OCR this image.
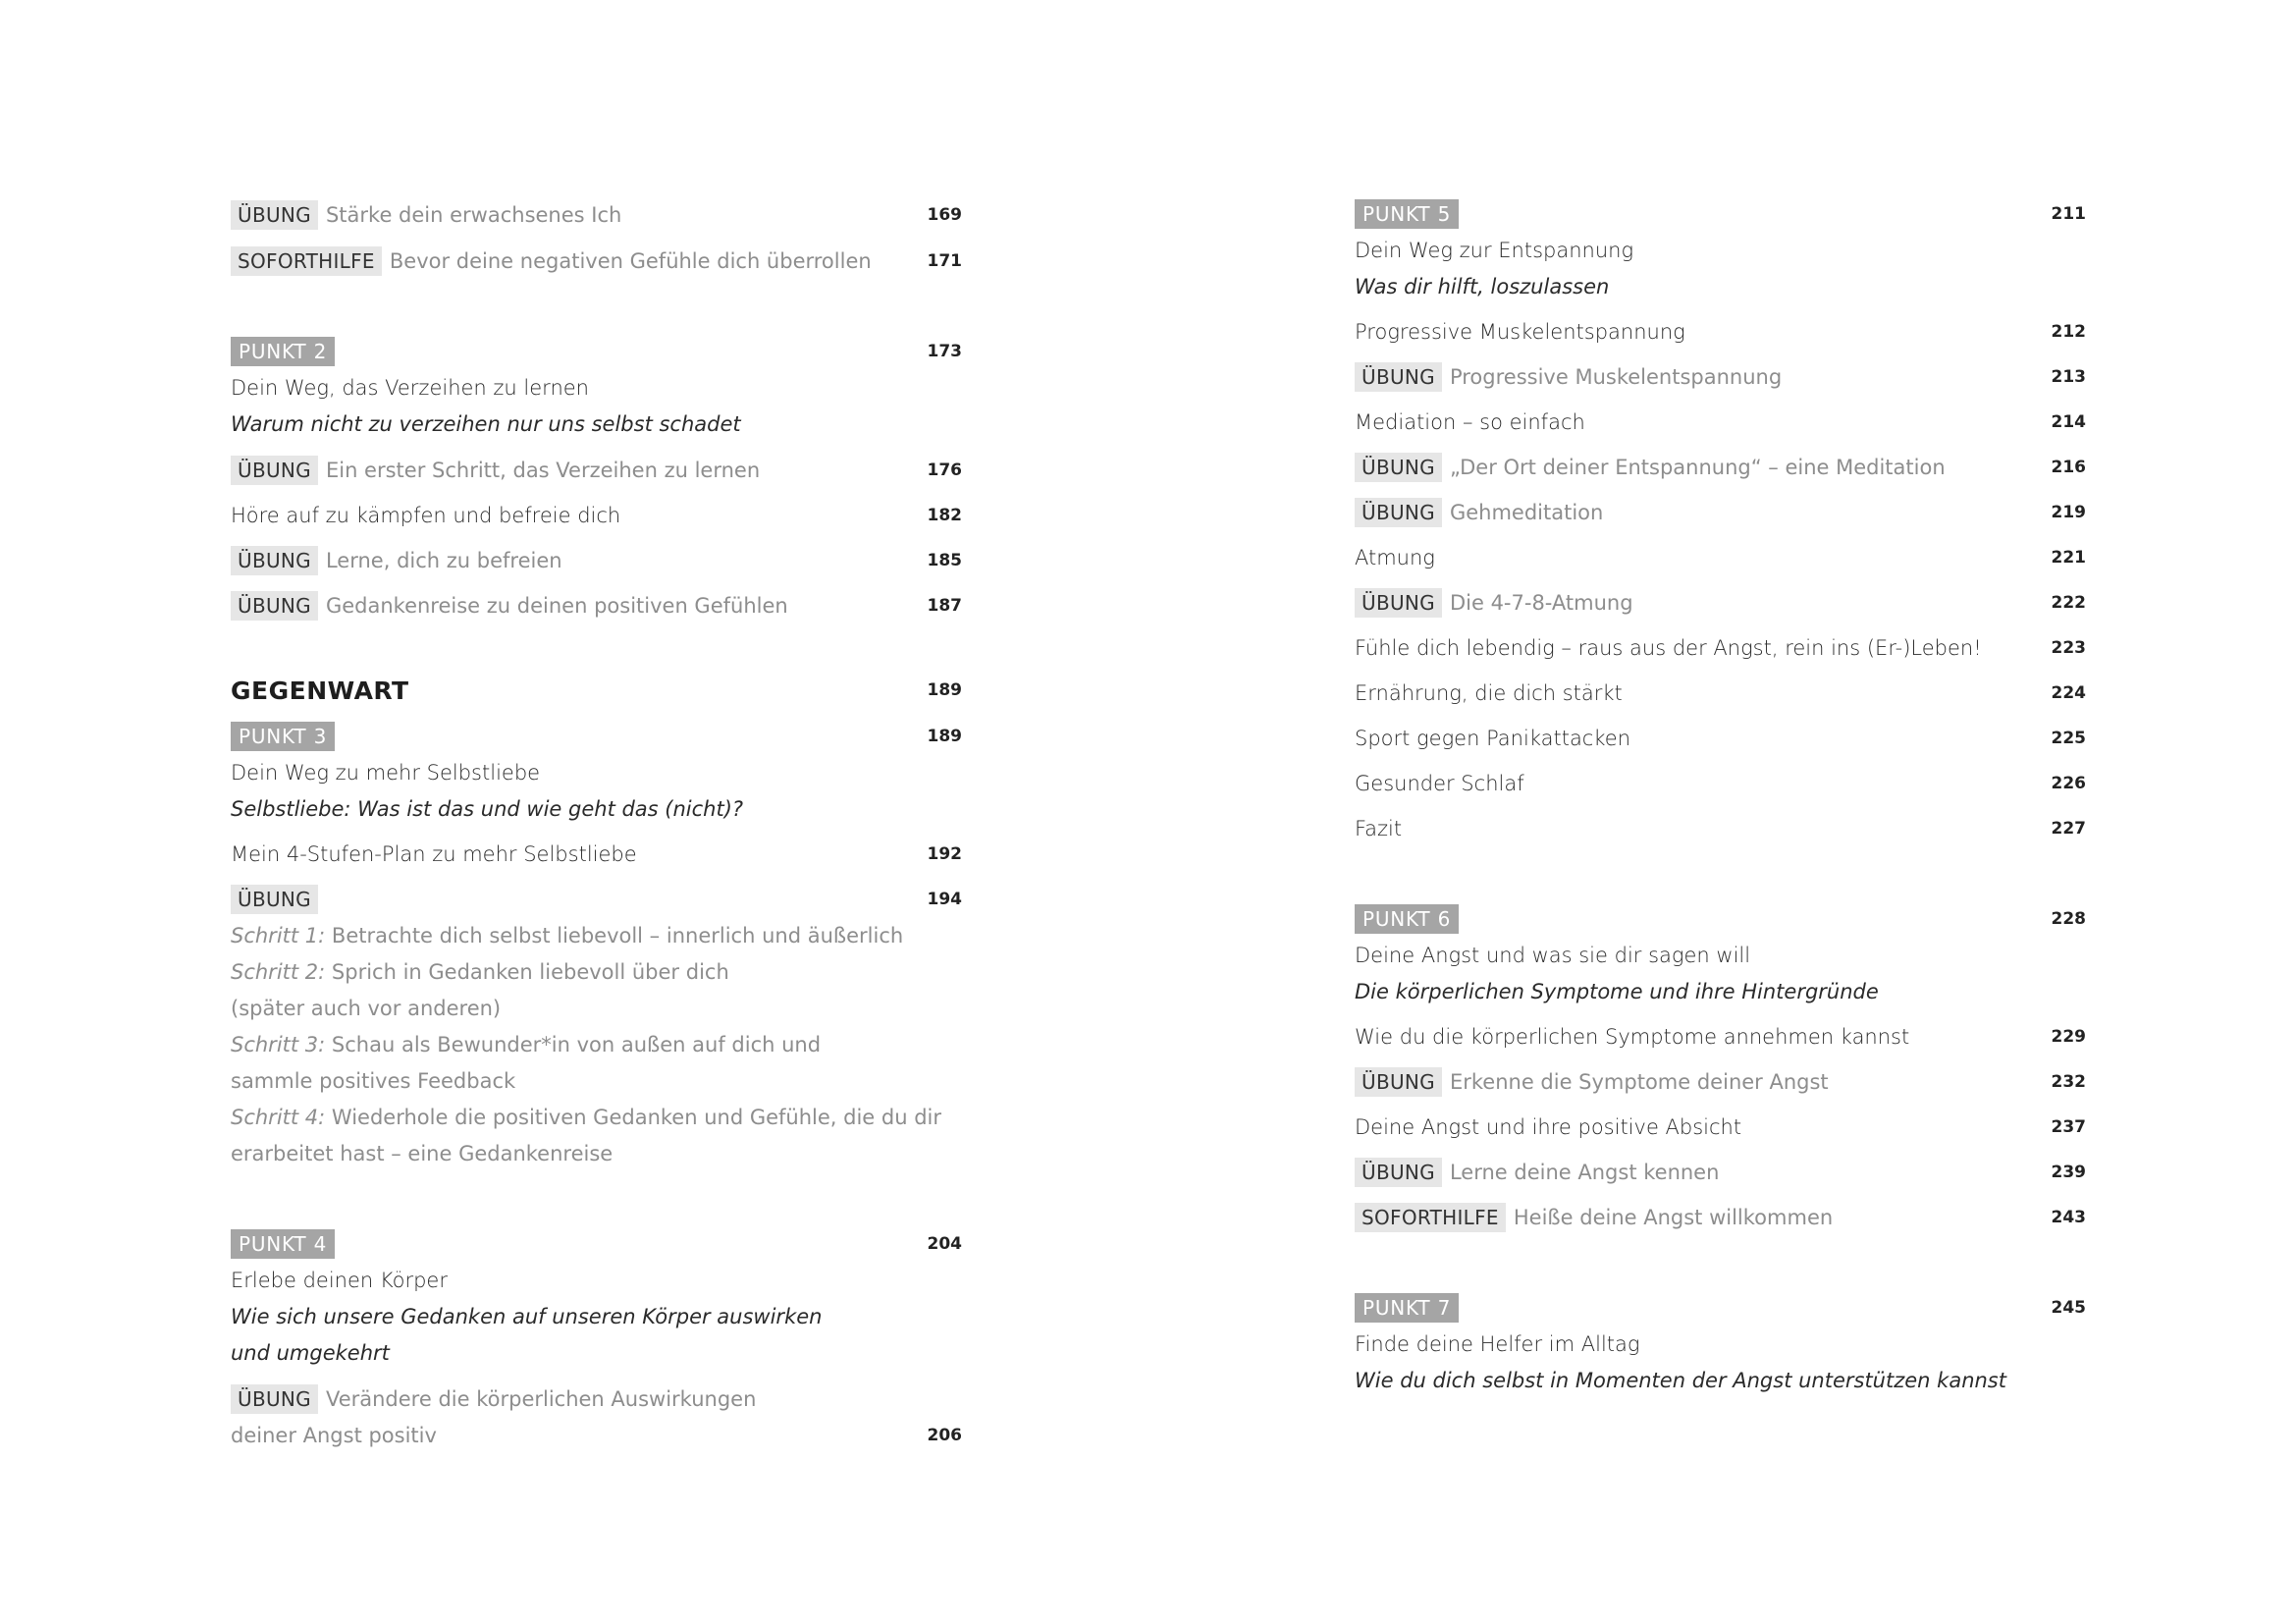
ÜBUNG Stärke dein erwachsenes Ich	169
SOFORTHILFE Bevor deine negativen Gefühle dich überrollen	171
PUNKT 2	173
Dein Weg, das Verzeihen zu lernen
Warum nicht zu verzeihen nur uns selbst schadet
ÜBUNG Ein erster Schritt, das Verzeihen zu lernen	176
Höre auf zu kämpfen und befreie dich	182
ÜBUNG Lerne, dich zu befreien	185
ÜBUNG Gedankenreise zu deinen positiven Gefühlen	187
GEGENWART	189
PUNKT 3	189
Dein Weg zu mehr Selbstliebe
Selbstliebe: Was ist das und wie geht das (nicht)?
Mein 4-Stufen-Plan zu mehr Selbstliebe	192
ÜBUNG	194
Schritt 1: Betrachte dich selbst liebevoll – innerlich und äußerlich
Schritt 2: Sprich in Gedanken liebevoll über dich
(später auch vor anderen)
Schritt 3: Schau als Bewunder*in von außen auf dich und
sammle positives Feedback
Schritt 4: Wiederhole die positiven Gedanken und Gefühle, die du dir
erarbeitet hast – eine Gedankenreise
PUNKT 4	204
Erlebe deinen Körper
Wie sich unsere Gedanken auf unseren Körper auswirken
und umgekehrt
ÜBUNG Verändere die körperlichen Auswirkungen
deiner Angst positiv	206
PUNKT 5	211
Dein Weg zur Entspannung
Was dir hilft, loszulassen
Progressive Muskelentspannung	212
ÜBUNG Progressive Muskelentspannung	213
Mediation – so einfach	214
ÜBUNG „Der Ort deiner Entspannung“ – eine Meditation	216
ÜBUNG Gehmeditation	219
Atmung	221
ÜBUNG Die 4-7-8-Atmung	222
Fühle dich lebendig – raus aus der Angst, rein ins (Er-)Leben!	223
Ernährung, die dich stärkt	224
Sport gegen Panikattacken	225
Gesunder Schlaf	226
Fazit	227
PUNKT 6	228
Deine Angst und was sie dir sagen will
Die körperlichen Symptome und ihre Hintergründe
Wie du die körperlichen Symptome annehmen kannst	229
ÜBUNG Erkenne die Symptome deiner Angst	232
Deine Angst und ihre positive Absicht	237
ÜBUNG Lerne deine Angst kennen	239
SOFORTHILFE Heiße deine Angst willkommen	243
PUNKT 7	245
Finde deine Helfer im Alltag
Wie du dich selbst in Momenten der Angst unterstützen kannst
